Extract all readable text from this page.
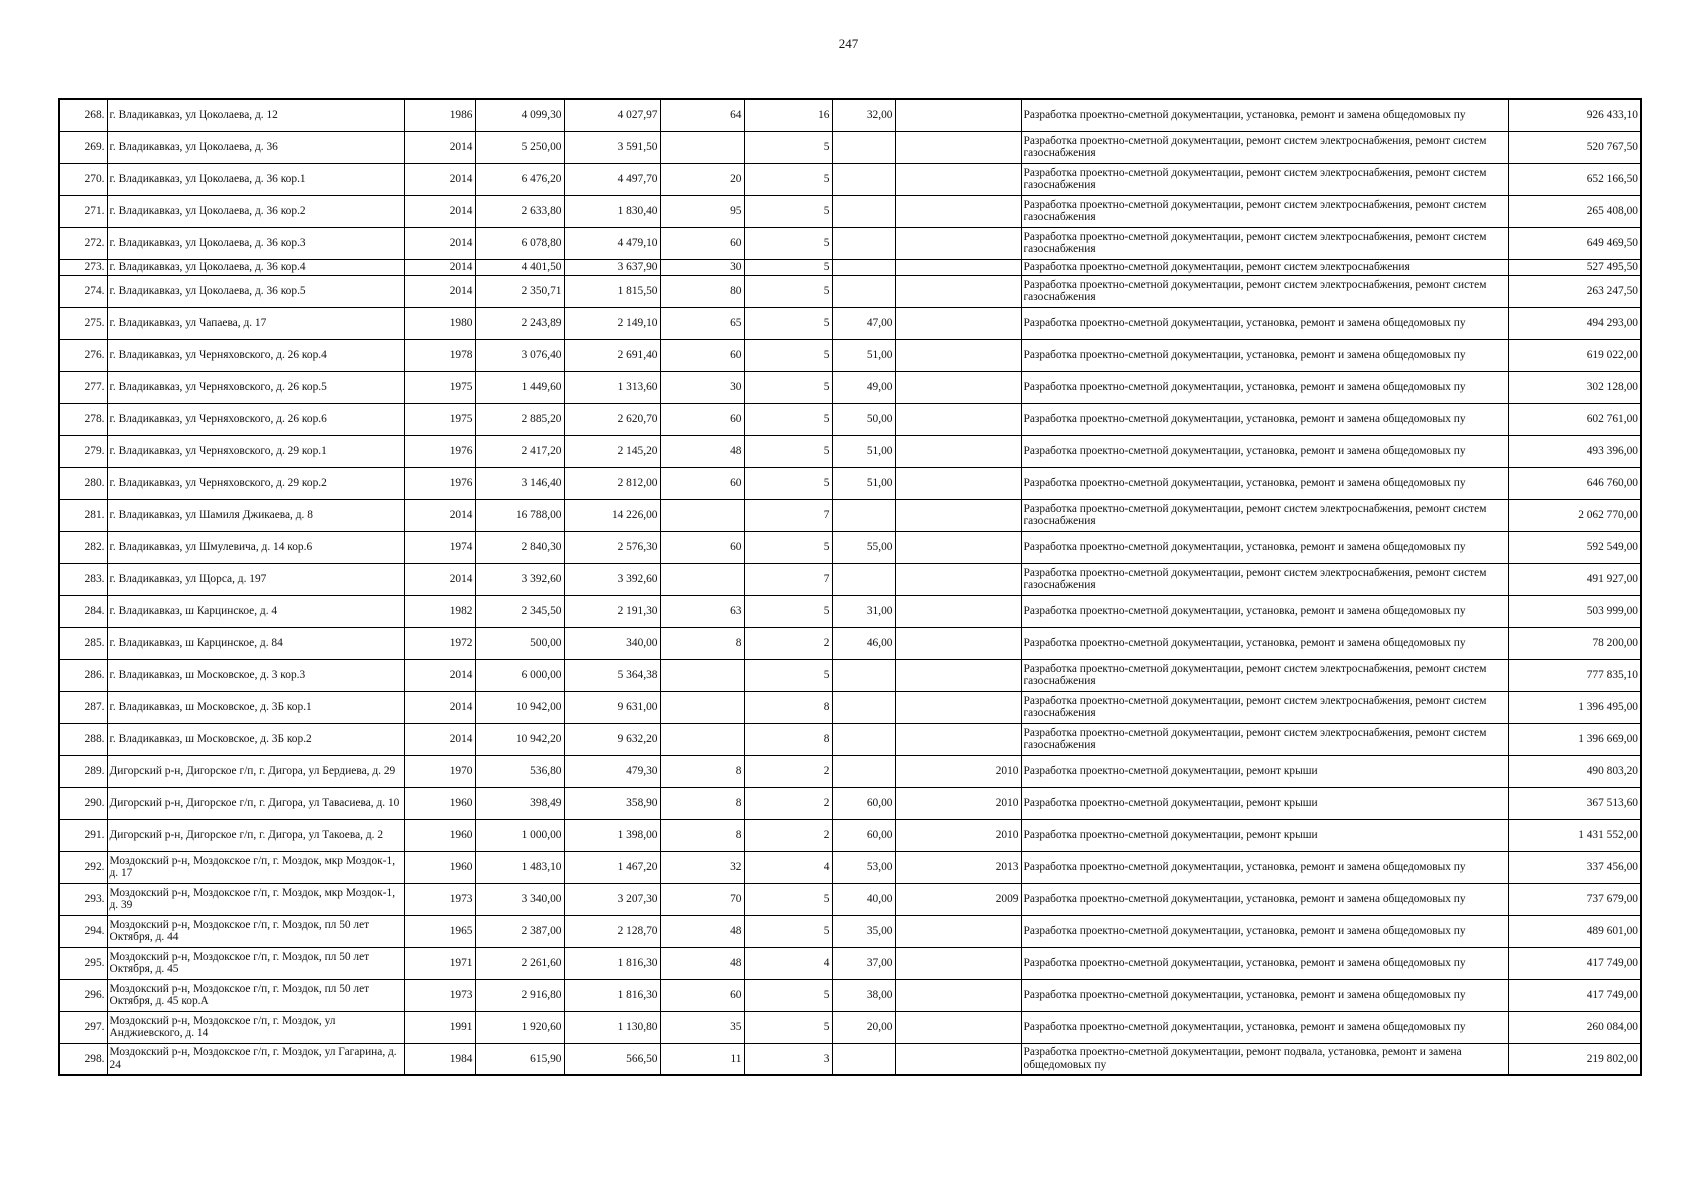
247
268.	г. Владикавказ, ул Цоколаева, д. 12	1986	4 099,30	4 027,97	64	16	32,00		Разработка проектно-сметной документации, установка, ремонт и замена общедомовых пу	926 433,10
269.	г. Владикавказ, ул Цоколаева, д. 36	2014	5 250,00	3 591,50		5			Разработка проектно-сметной документации, ремонт систем электроснабжения, ремонт систем газоснабжения	520 767,50
270.	г. Владикавказ, ул Цоколаева, д. 36 кор.1	2014	6 476,20	4 497,70	20	5			Разработка проектно-сметной документации, ремонт систем электроснабжения, ремонт систем газоснабжения	652 166,50
271.	г. Владикавказ, ул Цоколаева, д. 36 кор.2	2014	2 633,80	1 830,40	95	5			Разработка проектно-сметной документации, ремонт систем электроснабжения, ремонт систем газоснабжения	265 408,00
272.	г. Владикавказ, ул Цоколаева, д. 36 кор.3	2014	6 078,80	4 479,10	60	5			Разработка проектно-сметной документации, ремонт систем электроснабжения, ремонт систем газоснабжения	649 469,50
273.	г. Владикавказ, ул Цоколаева, д. 36 кор.4	2014	4 401,50	3 637,90	30	5			Разработка проектно-сметной документации, ремонт систем электроснабжения	527 495,50
274.	г. Владикавказ, ул Цоколаева, д. 36 кор.5	2014	2 350,71	1 815,50	80	5			Разработка проектно-сметной документации, ремонт систем электроснабжения, ремонт систем газоснабжения	263 247,50
275.	г. Владикавказ, ул Чапаева, д. 17	1980	2 243,89	2 149,10	65	5	47,00		Разработка проектно-сметной документации, установка, ремонт и замена общедомовых пу	494 293,00
276.	г. Владикавказ, ул Черняховского, д. 26 кор.4	1978	3 076,40	2 691,40	60	5	51,00		Разработка проектно-сметной документации, установка, ремонт и замена общедомовых пу	619 022,00
277.	г. Владикавказ, ул Черняховского, д. 26 кор.5	1975	1 449,60	1 313,60	30	5	49,00		Разработка проектно-сметной документации, установка, ремонт и замена общедомовых пу	302 128,00
278.	г. Владикавказ, ул Черняховского, д. 26 кор.6	1975	2 885,20	2 620,70	60	5	50,00		Разработка проектно-сметной документации, установка, ремонт и замена общедомовых пу	602 761,00
279.	г. Владикавказ, ул Черняховского, д. 29 кор.1	1976	2 417,20	2 145,20	48	5	51,00		Разработка проектно-сметной документации, установка, ремонт и замена общедомовых пу	493 396,00
280.	г. Владикавказ, ул Черняховского, д. 29 кор.2	1976	3 146,40	2 812,00	60	5	51,00		Разработка проектно-сметной документации, установка, ремонт и замена общедомовых пу	646 760,00
281.	г. Владикавказ, ул Шамиля Джикаева, д. 8	2014	16 788,00	14 226,00		7			Разработка проектно-сметной документации, ремонт систем электроснабжения, ремонт систем газоснабжения	2 062 770,00
282.	г. Владикавказ, ул Шмулевича, д. 14 кор.6	1974	2 840,30	2 576,30	60	5	55,00		Разработка проектно-сметной документации, установка, ремонт и замена общедомовых пу	592 549,00
283.	г. Владикавказ, ул Щорса, д. 197	2014	3 392,60	3 392,60		7			Разработка проектно-сметной документации, ремонт систем электроснабжения, ремонт систем газоснабжения	491 927,00
284.	г. Владикавказ, ш Карцинское, д. 4	1982	2 345,50	2 191,30	63	5	31,00		Разработка проектно-сметной документации, установка, ремонт и замена общедомовых пу	503 999,00
285.	г. Владикавказ, ш Карцинское, д. 84	1972	500,00	340,00	8	2	46,00		Разработка проектно-сметной документации, установка, ремонт и замена общедомовых пу	78 200,00
286.	г. Владикавказ, ш Московское, д. 3 кор.3	2014	6 000,00	5 364,38		5			Разработка проектно-сметной документации, ремонт систем электроснабжения, ремонт систем газоснабжения	777 835,10
287.	г. Владикавказ, ш Московское, д. 3Б кор.1	2014	10 942,00	9 631,00		8			Разработка проектно-сметной документации, ремонт систем электроснабжения, ремонт систем газоснабжения	1 396 495,00
288.	г. Владикавказ, ш Московское, д. 3Б кор.2	2014	10 942,20	9 632,20		8			Разработка проектно-сметной документации, ремонт систем электроснабжения, ремонт систем газоснабжения	1 396 669,00
289.	Дигорский р-н, Дигорское г/п, г. Дигора, ул Бердиева, д. 29	1970	536,80	479,30	8	2		2010	Разработка проектно-сметной документации, ремонт крыши	490 803,20
290.	Дигорский р-н, Дигорское г/п, г. Дигора, ул Тавасиева, д. 10	1960	398,49	358,90	8	2	60,00	2010	Разработка проектно-сметной документации, ремонт крыши	367 513,60
291.	Дигорский р-н, Дигорское г/п, г. Дигора, ул Такоева, д. 2	1960	1 000,00	1 398,00	8	2	60,00	2010	Разработка проектно-сметной документации, ремонт крыши	1 431 552,00
292.	Моздокский р-н, Моздокское г/п, г. Моздок, мкр Моздок-1, д. 17	1960	1 483,10	1 467,20	32	4	53,00	2013	Разработка проектно-сметной документации, установка, ремонт и замена общедомовых пу	337 456,00
293.	Моздокский р-н, Моздокское г/п, г. Моздок, мкр Моздок-1, д. 39	1973	3 340,00	3 207,30	70	5	40,00	2009	Разработка проектно-сметной документации, установка, ремонт и замена общедомовых пу	737 679,00
294.	Моздокский р-н, Моздокское г/п, г. Моздок, пл 50 лет Октября, д. 44	1965	2 387,00	2 128,70	48	5	35,00		Разработка проектно-сметной документации, установка, ремонт и замена общедомовых пу	489 601,00
295.	Моздокский р-н, Моздокское г/п, г. Моздок, пл 50 лет Октября, д. 45	1971	2 261,60	1 816,30	48	4	37,00		Разработка проектно-сметной документации, установка, ремонт и замена общедомовых пу	417 749,00
296.	Моздокский р-н, Моздокское г/п, г. Моздок, пл 50 лет Октября, д. 45 кор.А	1973	2 916,80	1 816,30	60	5	38,00		Разработка проектно-сметной документации, установка, ремонт и замена общедомовых пу	417 749,00
297.	Моздокский р-н, Моздокское г/п, г. Моздок, ул Анджиевского, д. 14	1991	1 920,60	1 130,80	35	5	20,00		Разработка проектно-сметной документации, установка, ремонт и замена общедомовых пу	260 084,00
298.	Моздокский р-н, Моздокское г/п, г. Моздок, ул Гагарина, д. 24	1984	615,90	566,50	11	3			Разработка проектно-сметной документации, ремонт подвала, установка, ремонт и замена общедомовых пу	219 802,00
